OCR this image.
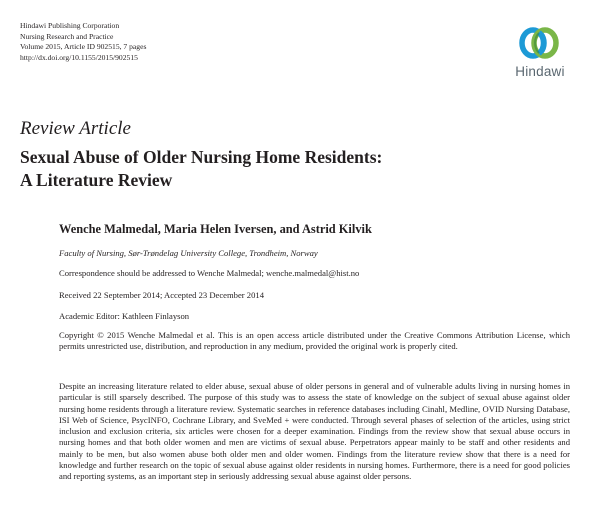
Hindawi Publishing Corporation
Nursing Research and Practice
Volume 2015, Article ID 902515, 7 pages
http://dx.doi.org/10.1155/2015/902515
Hindawi
Review Article
Sexual Abuse of Older Nursing Home Residents:
A Literature Review
Wenche Malmedal, Maria Helen Iversen, and Astrid Kilvik
Faculty of Nursing, Sør-Trøndelag University College, Trondheim, Norway
Correspondence should be addressed to Wenche Malmedal; wenche.malmedal@hist.no
Received 22 September 2014; Accepted 23 December 2014
Academic Editor: Kathleen Finlayson
Copyright © 2015 Wenche Malmedal et al. This is an open access article distributed under the Creative Commons Attribution License, which permits unrestricted use, distribution, and reproduction in any medium, provided the original work is properly cited.
Despite an increasing literature related to elder abuse, sexual abuse of older persons in general and of vulnerable adults living in nursing homes in particular is still sparsely described. The purpose of this study was to assess the state of knowledge on the subject of sexual abuse against older nursing home residents through a literature review. Systematic searches in reference databases including Cinahl, Medline, OVID Nursing Database, ISI Web of Science, PsycINFO, Cochrane Library, and SveMed + were conducted. Through several phases of selection of the articles, using strict inclusion and exclusion criteria, six articles were chosen for a deeper examination. Findings from the review show that sexual abuse occurs in nursing homes and that both older women and men are victims of sexual abuse. Perpetrators appear mainly to be staff and other residents and mainly to be men, but also women abuse both older men and older women. Findings from the literature review show that there is a need for knowledge and further research on the topic of sexual abuse against older residents in nursing homes. Furthermore, there is a need for good policies and reporting systems, as an important step in seriously addressing sexual abuse against older persons.
